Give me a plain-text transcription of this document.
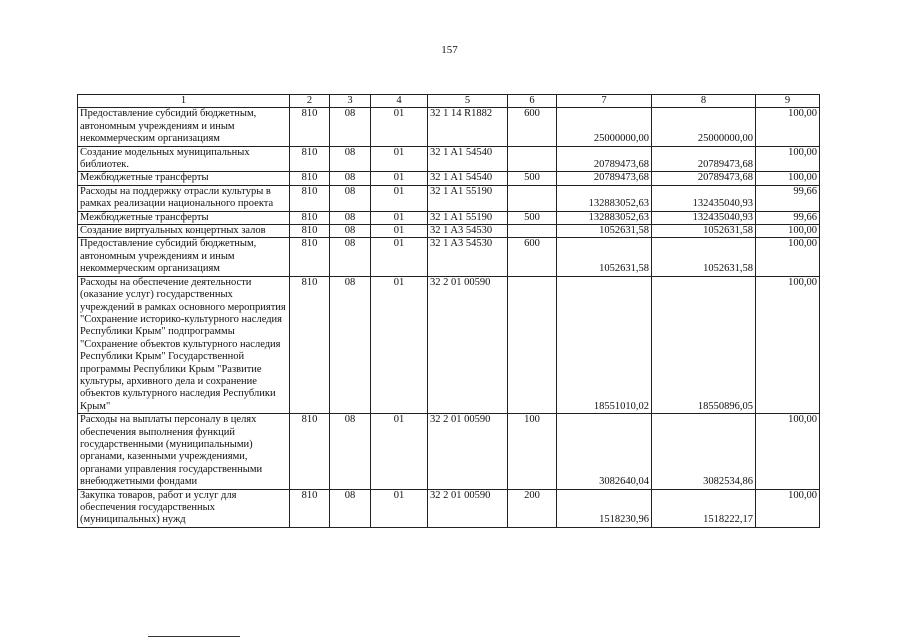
157
1	2	3	4	5	6	7	8	9
Предоставление субсидий бюджетным, автономным учреждениям и иным некоммерческим организациям	810	08	01	32 1 14 R1882	600	25000000,00	25000000,00	100,00
Создание модельных муниципальных библиотек.	810	08	01	32 1 A1 54540		20789473,68	20789473,68	100,00
Межбюджетные трансферты	810	08	01	32 1 A1 54540	500	20789473,68	20789473,68	100,00
Расходы на поддержку отрасли культуры в рамках реализации национального проекта	810	08	01	32 1 A1 55190		132883052,63	132435040,93	99,66
Межбюджетные трансферты	810	08	01	32 1 A1 55190	500	132883052,63	132435040,93	99,66
Создание виртуальных концертных залов	810	08	01	32 1 A3 54530		1052631,58	1052631,58	100,00
Предоставление субсидий бюджетным, автономным учреждениям и иным некоммерческим организациям	810	08	01	32 1 A3 54530	600	1052631,58	1052631,58	100,00
Расходы на обеспечение деятельности (оказание услуг) государственных учреждений в рамках основного мероприятия "Сохранение историко-культурного наследия Республики Крым" подпрограммы "Сохранение объектов культурного наследия Республики Крым" Государственной программы Республики Крым "Развитие культуры, архивного дела и сохранение объектов культурного наследия Республики Крым"	810	08	01	32 2 01 00590		18551010,02	18550896,05	100,00
Расходы на выплаты персоналу в целях обеспечения выполнения функций государственными (муниципальными) органами, казенными учреждениями, органами управления государственными внебюджетными фондами	810	08	01	32 2 01 00590	100	3082640,04	3082534,86	100,00
Закупка товаров, работ и услуг для обеспечения государственных (муниципальных) нужд	810	08	01	32 2 01 00590	200	1518230,96	1518222,17	100,00
